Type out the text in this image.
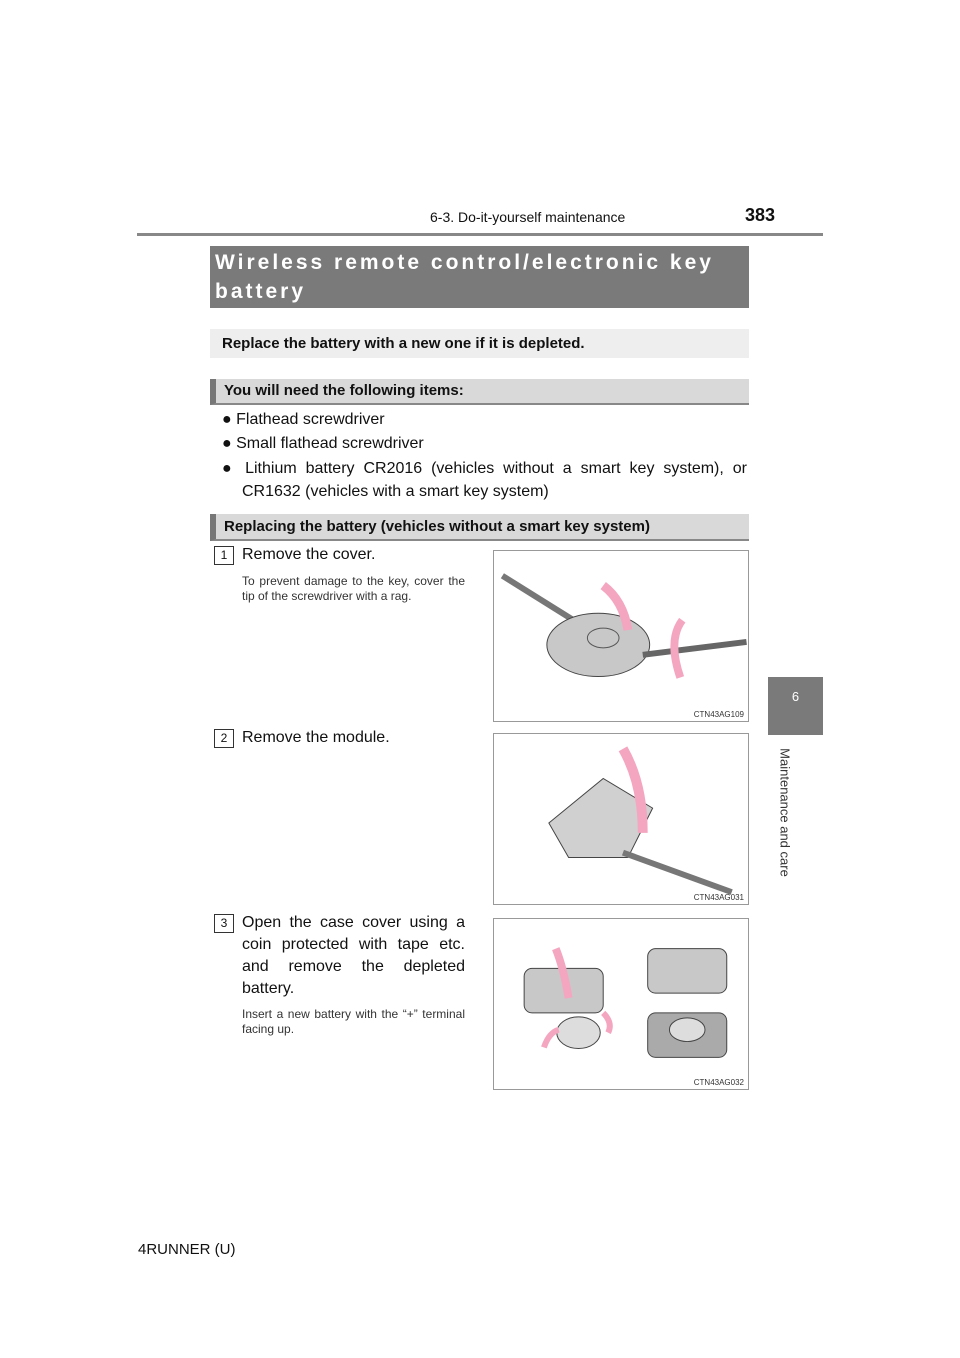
6-3. Do-it-yourself maintenance	383
6
Maintenance and care
Wireless remote control/electronic key battery
Replace the battery with a new one if it is depleted.
You will need the following items:
● Flathead screwdriver
● Small flathead screwdriver
● Lithium battery CR2016 (vehicles without a smart key system), or CR1632 (vehicles with a smart key system)
Replacing the battery (vehicles without a smart key system)
1 Remove the cover.
To prevent damage to the key, cover the tip of the screwdriver with a rag.
CTN43AG109
2 Remove the module.
CTN43AG031
3 Open the case cover using a coin protected with tape etc. and remove the depleted battery.
Insert a new battery with the “+” terminal facing up.
CTN43AG032
4RUNNER (U)
